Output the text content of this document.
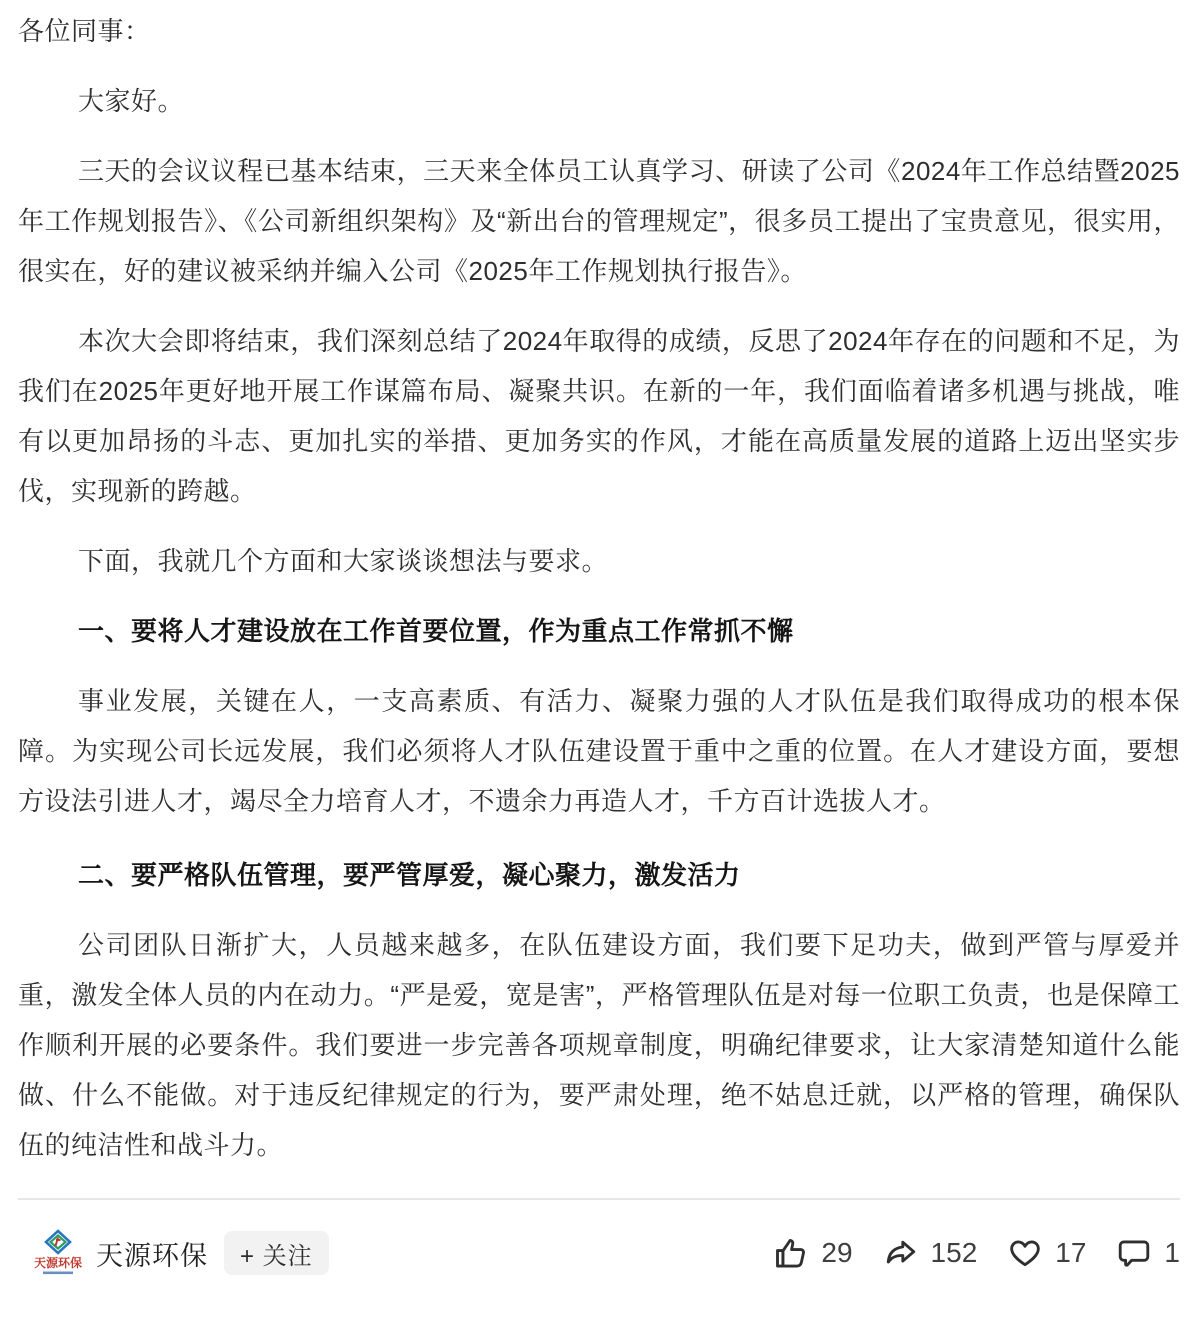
各位同事：

大家好。

三天的会议议程已基本结束，三天来全体员工认真学习、研读了公司《2024年工作总结暨2025年工作规划报告》、《公司新组织架构》及“新出台的管理规定”，很多员工提出了宝贵意见，很实用，很实在，好的建议被采纳并编入公司《2025年工作规划执行报告》。

本次大会即将结束，我们深刻总结了2024年取得的成绩，反思了2024年存在的问题和不足，为我们在2025年更好地开展工作谋篇布局、凝聚共识。在新的一年，我们面临着诸多机遇与挑战，唯有以更加昂扬的斗志、更加扎实的举措、更加务实的作风，才能在高质量发展的道路上迈出坚实步伐，实现新的跨越。

下面，我就几个方面和大家谈谈想法与要求。

一、要将人才建设放在工作首要位置，作为重点工作常抓不懈

事业发展，关键在人，一支高素质、有活力、凝聚力强的人才队伍是我们取得成功的根本保障。为实现公司长远发展，我们必须将人才队伍建设置于重中之重的位置。在人才建设方面，要想方设法引进人才，竭尽全力培育人才，不遗余力再造人才，千方百计选拔人才。

二、要严格队伍管理，要严管厚爱，凝心聚力，激发活力

公司团队日渐扩大，人员越来越多，在队伍建设方面，我们要下足功夫，做到严管与厚爱并重，激发全体人员的内在动力。“严是爱，宽是害”，严格管理队伍是对每一位职工负责，也是保障工作顺利开展的必要条件。我们要进一步完善各项规章制度，明确纪律要求，让大家清楚知道什么能做、什么不能做。对于违反纪律规定的行为，要严肃处理，绝不姑息迁就，以严格的管理，确保队伍的纯洁性和战斗力。

天源环保 天源环保	+ 关注	29	152	17	1
